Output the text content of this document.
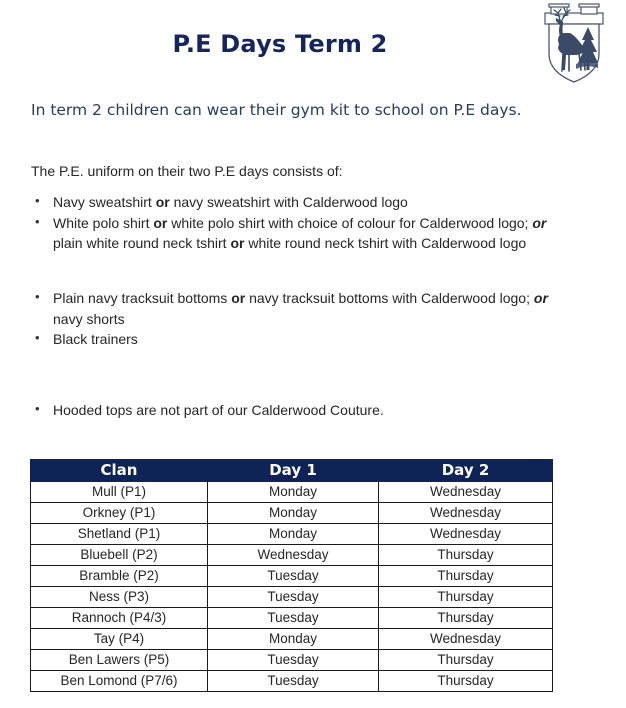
P.E Days Term 2
In term 2 children can wear their gym kit to school on P.E days.
The P.E. uniform on their two P.E days consists of:
• Navy sweatshirt or navy sweatshirt with Calderwood logo
• White polo shirt or white polo shirt with choice of colour for Calderwood logo; or plain white round neck tshirt or white round neck tshirt with Calderwood logo
• Plain navy tracksuit bottoms or navy tracksuit bottoms with Calderwood logo; or navy shorts
• Black trainers
• Hooded tops are not part of our Calderwood Couture.
Clan	Day 1	Day 2
Mull (P1)	Monday	Wednesday
Orkney (P1)	Monday	Wednesday
Shetland (P1)	Monday	Wednesday
Bluebell (P2)	Wednesday	Thursday
Bramble (P2)	Tuesday	Thursday
Ness (P3)	Tuesday	Thursday
Rannoch (P4/3)	Tuesday	Thursday
Tay (P4)	Monday	Wednesday
Ben Lawers (P5)	Tuesday	Thursday
Ben Lomond (P7/6)	Tuesday	Thursday
